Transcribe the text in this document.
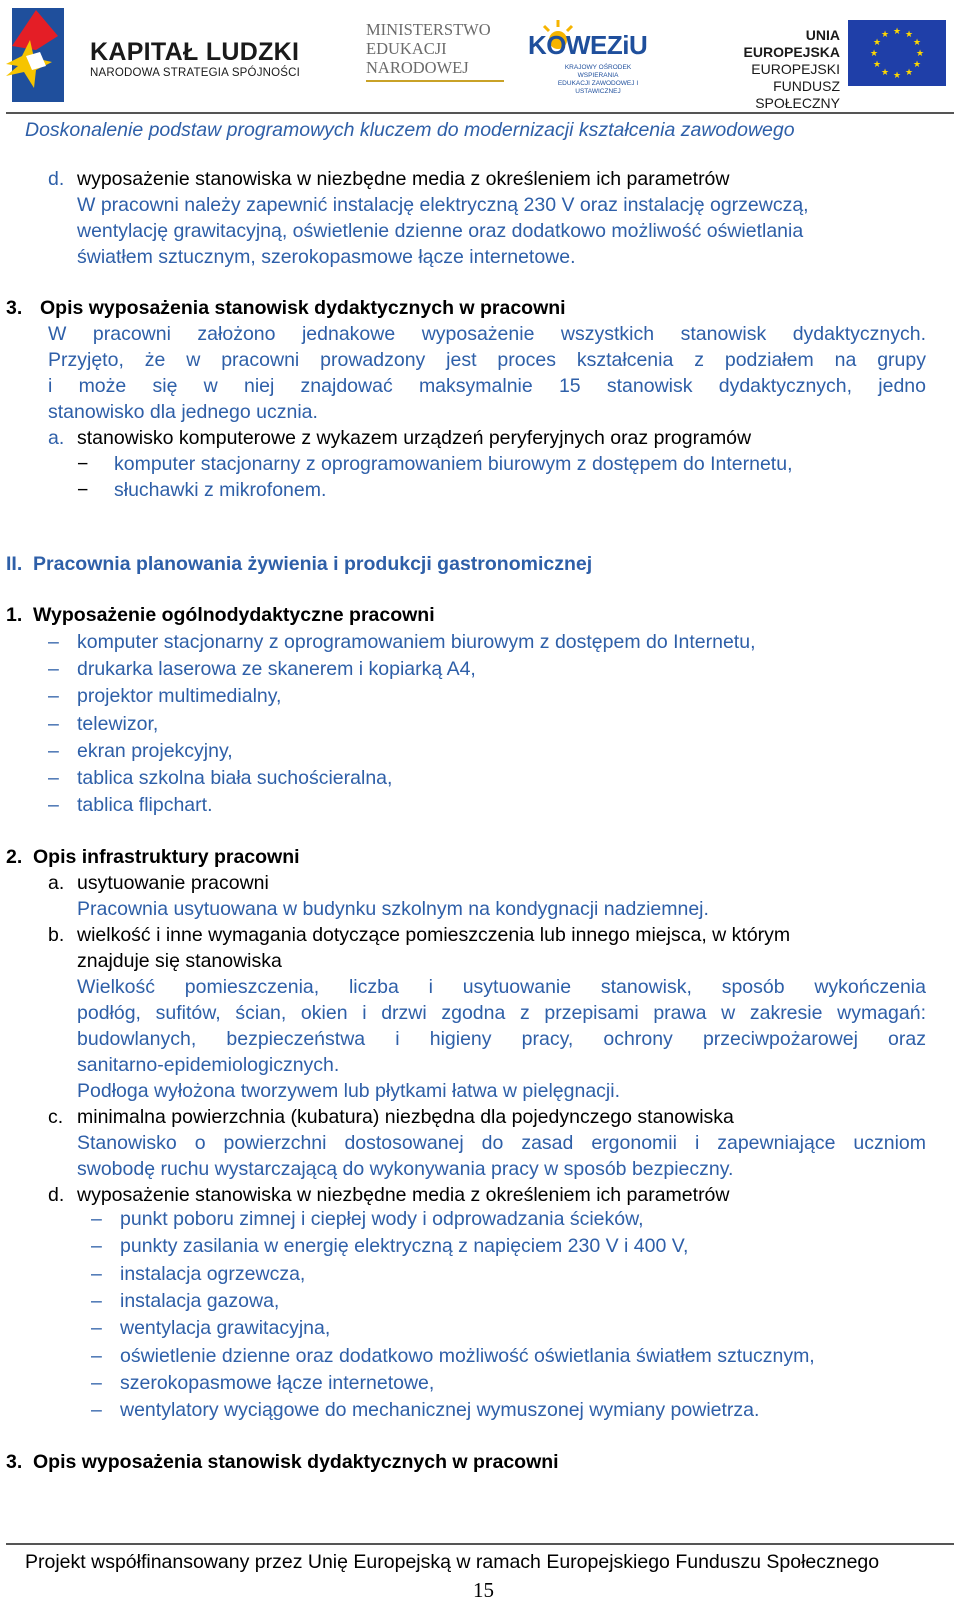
KAPITAŁ LUDZKI
NARODOWA STRATEGIA SPÓJNOŚCI
MINISTERSTWO
EDUKACJI
NARODOWEJ
KOWEZiU
KRAJOWY OŚRODEK WSPIERANIA
EDUKACJI ZAWODOWEJ I USTAWICZNEJ
UNIA EUROPEJSKA
EUROPEJSKI
FUNDUSZ SPOŁECZNY
★ ★
★
★
★
★
★
★
★
★
★
★
Doskonalenie podstaw programowych kluczem do modernizacji kształcenia zawodowego
d. wyposażenie stanowiska w niezbędne media z określeniem ich parametrów
W pracowni należy zapewnić instalację elektryczną 230 V oraz instalację ogrzewczą,
wentylację grawitacyjną, oświetlenie dzienne oraz dodatkowo możliwość oświetlania
światłem sztucznym, szerokopasmowe łącze internetowe.
3. Opis wyposażenia stanowisk dydaktycznych w pracowni
W pracowni założono jednakowe wyposażenie wszystkich stanowisk dydaktycznych.
Przyjęto, że w pracowni prowadzony jest proces kształcenia z podziałem na grupy
i może się w niej znajdować maksymalnie 15 stanowisk dydaktycznych, jedno
stanowisko dla jednego ucznia.
a. stanowisko komputerowe z wykazem urządzeń peryferyjnych oraz programów
− komputer stacjonarny z oprogramowaniem biurowym z dostępem do Internetu,
− słuchawki z mikrofonem.
II. Pracownia planowania żywienia i produkcji gastronomicznej
1. Wyposażenie ogólnodydaktyczne pracowni
– komputer stacjonarny z oprogramowaniem biurowym z dostępem do Internetu,
– drukarka laserowa ze skanerem i kopiarką A4,
– projektor multimedialny,
– telewizor,
– ekran projekcyjny,
– tablica szkolna biała suchościeralna,
– tablica flipchart.
2. Opis infrastruktury pracowni
a. usytuowanie pracowni
Pracownia usytuowana w budynku szkolnym na kondygnacji nadziemnej.
b. wielkość i inne wymagania dotyczące pomieszczenia lub innego miejsca, w którym
znajduje się stanowiska
Wielkość pomieszczenia, liczba i usytuowanie stanowisk, sposób wykończenia
podłóg, sufitów, ścian, okien i drzwi zgodna z przepisami prawa w zakresie wymagań:
budowlanych, bezpieczeństwa i higieny pracy, ochrony przeciwpożarowej oraz
sanitarno-epidemiologicznych.
Podłoga wyłożona tworzywem lub płytkami łatwa w pielęgnacji.
c. minimalna powierzchnia (kubatura) niezbędna dla pojedynczego stanowiska
Stanowisko o powierzchni dostosowanej do zasad ergonomii i zapewniające uczniom
swobodę ruchu wystarczającą do wykonywania pracy w sposób bezpieczny.
d. wyposażenie stanowiska w niezbędne media z określeniem ich parametrów
– punkt poboru zimnej i ciepłej wody i odprowadzania ścieków,
– punkty zasilania w energię elektryczną z napięciem 230 V i 400 V,
– instalacja ogrzewcza,
– instalacja gazowa,
– wentylacja grawitacyjna,
– oświetlenie dzienne oraz dodatkowo możliwość oświetlania światłem sztucznym,
– szerokopasmowe łącze internetowe,
– wentylatory wyciągowe do mechanicznej wymuszonej wymiany powietrza.
3. Opis wyposażenia stanowisk dydaktycznych w pracowni
Projekt współfinansowany przez Unię Europejską w ramach Europejskiego Funduszu Społecznego
15
